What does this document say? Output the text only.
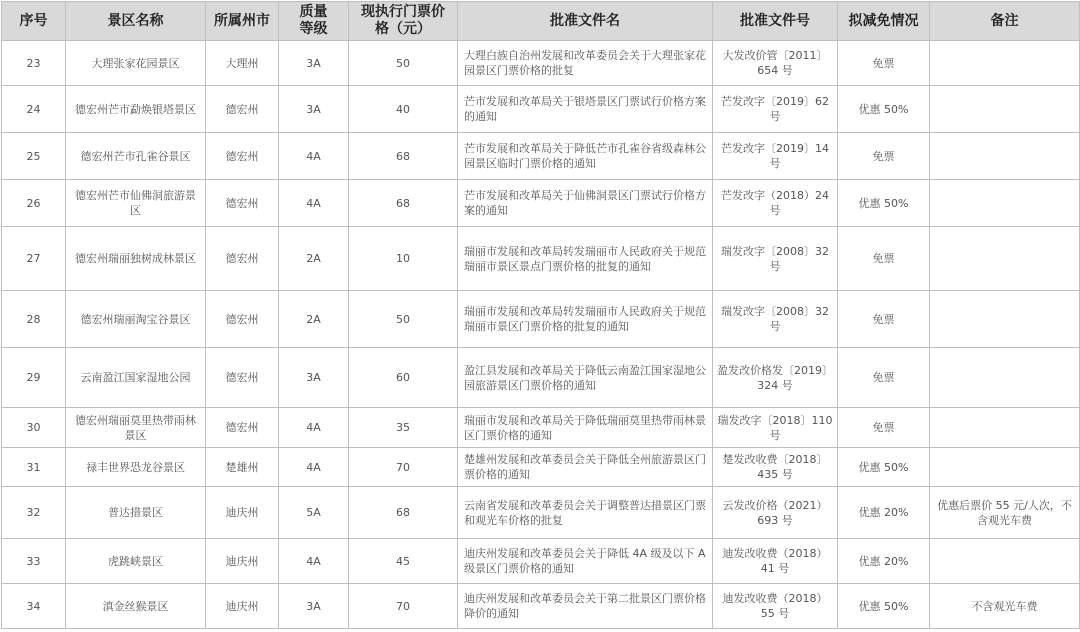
序号	景区名称	所属州市	质量等级	现执行门票价格（元）	批准文件名	批准文件号	拟减免情况	备注
23	大理张家花园景区	大理州	3A	50	大理白族自治州发展和改革委员会关于大理张家花园景区门票价格的批复	大发改价管〔2011〕654 号	免票	
24	德宏州芒市勐焕银塔景区	德宏州	3A	40	芒市发展和改革局关于银塔景区门票试行价格方案的通知	芒发改字〔2019〕62 号	优惠 50%	
25	德宏州芒市孔雀谷景区	德宏州	4A	68	芒市发展和改革局关于降低芒市孔雀谷省级森林公园景区临时门票价格的通知	芒发改字〔2019〕14 号	免票	
26	德宏州芒市仙佛洞旅游景区	德宏州	4A	68	芒市发展和改革局关于仙佛洞景区门票试行价格方案的通知	芒发改字（2018）24 号	优惠 50%	
27	德宏州瑞丽独树成林景区	德宏州	2A	10	瑞丽市发展和改革局转发瑞丽市人民政府关于规范瑞丽市景区景点门票价格的批复的通知	瑞发改字〔2008〕32 号	免票	
28	德宏州瑞丽淘宝谷景区	德宏州	2A	50	瑞丽市发展和改革局转发瑞丽市人民政府关于规范瑞丽市景区门票价格的批复的通知	瑞发改字〔2008〕32 号	免票	
29	云南盈江国家湿地公园	德宏州	3A	60	盈江县发展和改革局关于降低云南盈江国家湿地公园旅游景区门票价格的通知	盈发改价格发〔2019〕324 号	免票	
30	德宏州瑞丽莫里热带雨林景区	德宏州	4A	35	瑞丽市发展和改革局关于降低瑞丽莫里热带雨林景区门票价格的通知	瑞发改字〔2018〕110 号	免票	
31	禄丰世界恐龙谷景区	楚雄州	4A	70	楚雄州发展和改革委员会关于降低全州旅游景区门票价格的通知	楚发改收费〔2018〕435 号	优惠 50%	
32	普达措景区	迪庆州	5A	68	云南省发展和改革委员会关于调整普达措景区门票和观光车价格的批复	云发改价格（2021）693 号	优惠 20%	优惠后票价 55 元/人次，不含观光车费
33	虎跳峡景区	迪庆州	4A	45	迪庆州发展和改革委员会关于降低 4A 级及以下 A 级景区门票价格的通知	迪发改收费（2018）41 号	优惠 20%	
34	滇金丝猴景区	迪庆州	3A	70	迪庆州发展和改革委员会关于第二批景区门票价格降价的通知	迪发改收费（2018）55 号	优惠 50%	不含观光车费
